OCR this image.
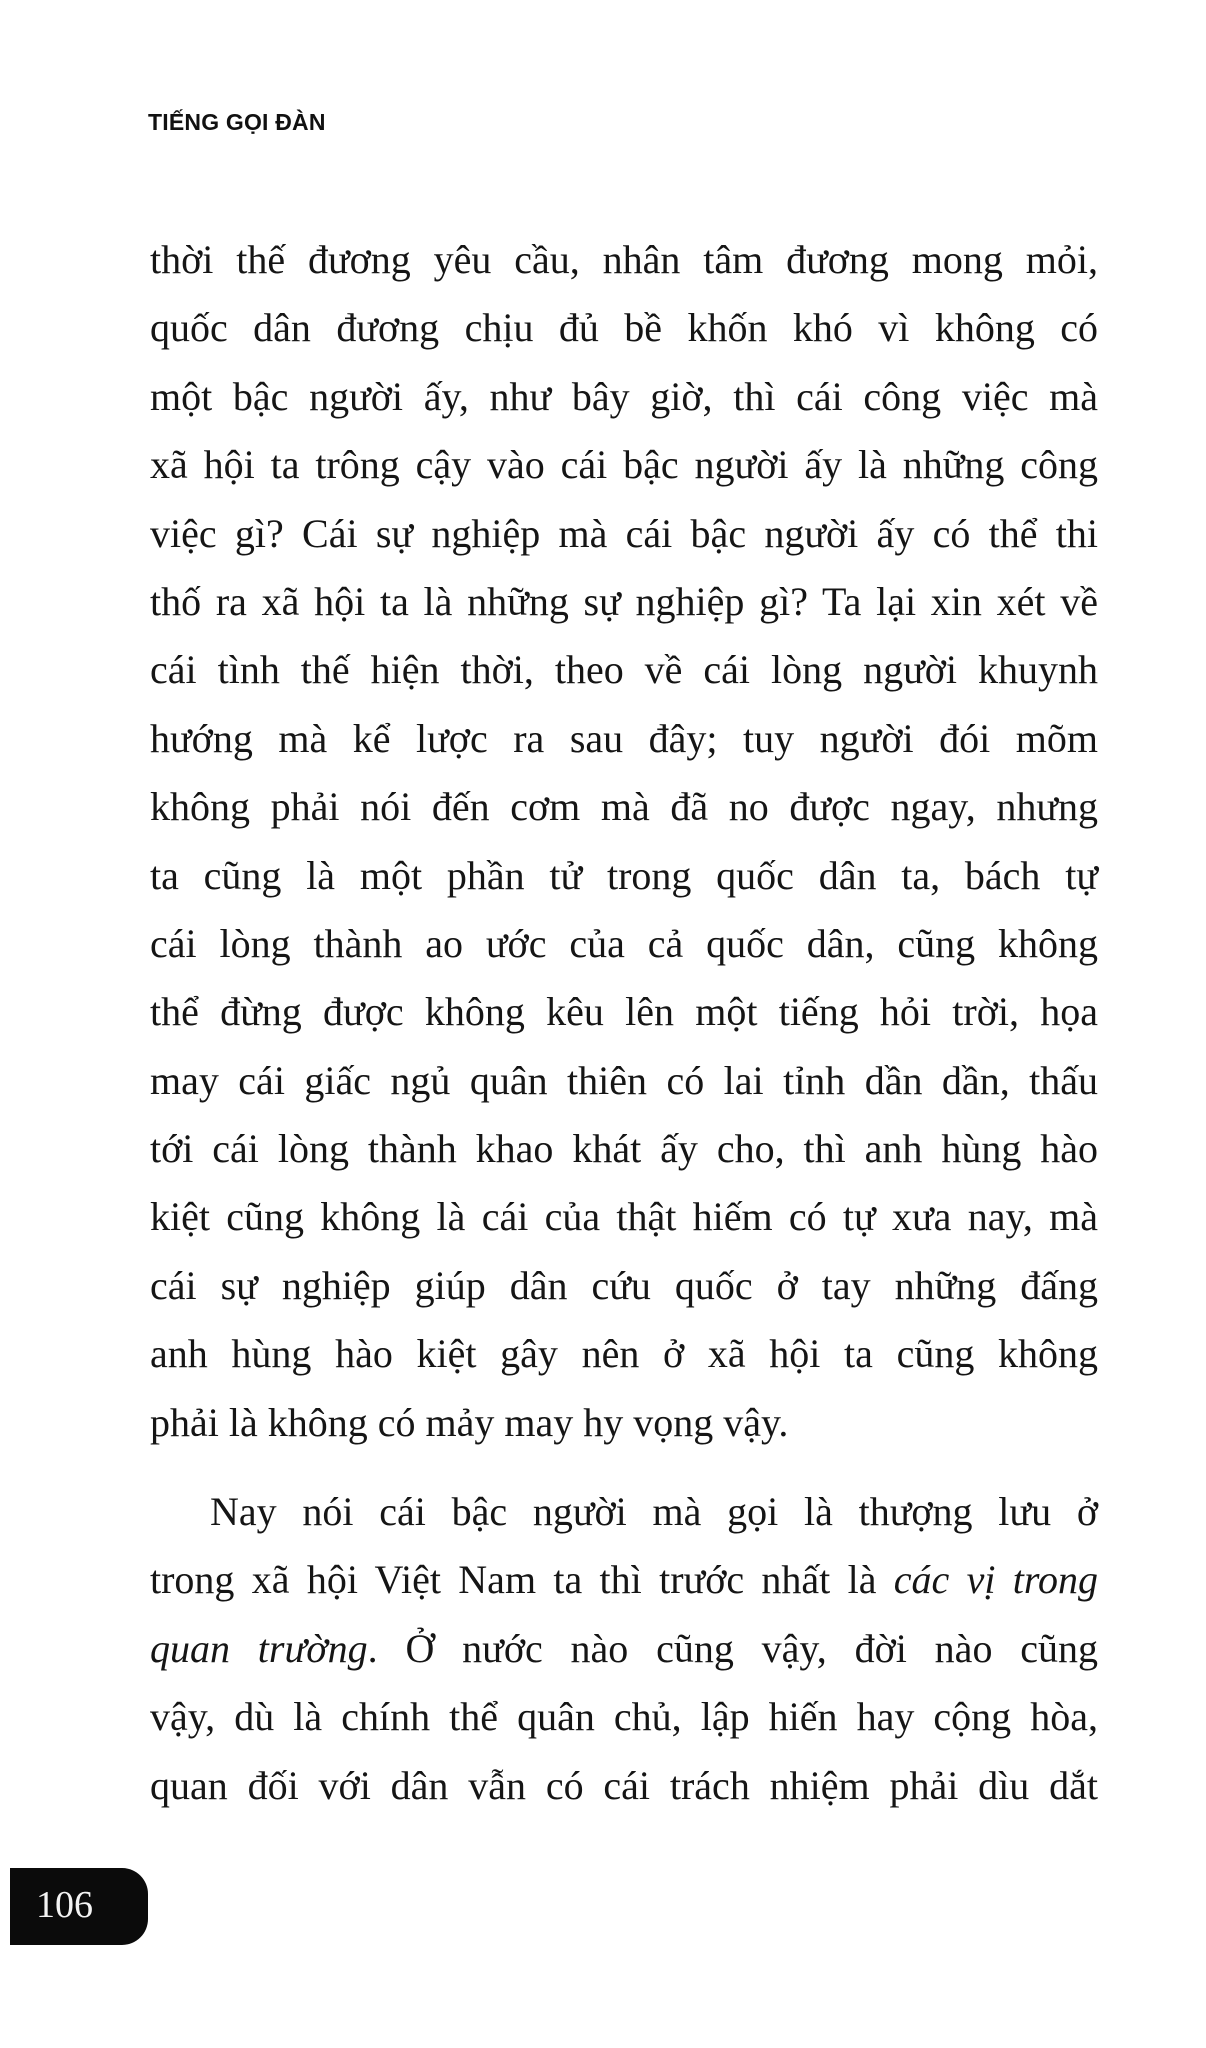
TIẾNG GỌI ĐÀN
thời thế đương yêu cầu, nhân tâm đương mong mỏi,
quốc dân đương chịu đủ bề khốn khó vì không có
một bậc người ấy, như bây giờ, thì cái công việc mà
xã hội ta trông cậy vào cái bậc người ấy là những công
việc gì? Cái sự nghiệp mà cái bậc người ấy có thể thi
thố ra xã hội ta là những sự nghiệp gì? Ta lại xin xét về
cái tình thế hiện thời, theo về cái lòng người khuynh
hướng mà kể lược ra sau đây; tuy người đói mõm
không phải nói đến cơm mà đã no được ngay, nhưng
ta cũng là một phần tử trong quốc dân ta, bách tự
cái lòng thành ao ước của cả quốc dân, cũng không
thể đừng được không kêu lên một tiếng hỏi trời, họa
may cái giấc ngủ quân thiên có lai tỉnh dần dần, thấu
tới cái lòng thành khao khát ấy cho, thì anh hùng hào
kiệt cũng không là cái của thật hiếm có tự xưa nay, mà
cái sự nghiệp giúp dân cứu quốc ở tay những đấng
anh hùng hào kiệt gây nên ở xã hội ta cũng không
phải là không có mảy may hy vọng vậy.
Nay nói cái bậc người mà gọi là thượng lưu ở
trong xã hội Việt Nam ta thì trước nhất là các vị trong
quan trường. Ở nước nào cũng vậy, đời nào cũng
vậy, dù là chính thể quân chủ, lập hiến hay cộng hòa,
quan đối với dân vẫn có cái trách nhiệm phải dìu dắt
106
